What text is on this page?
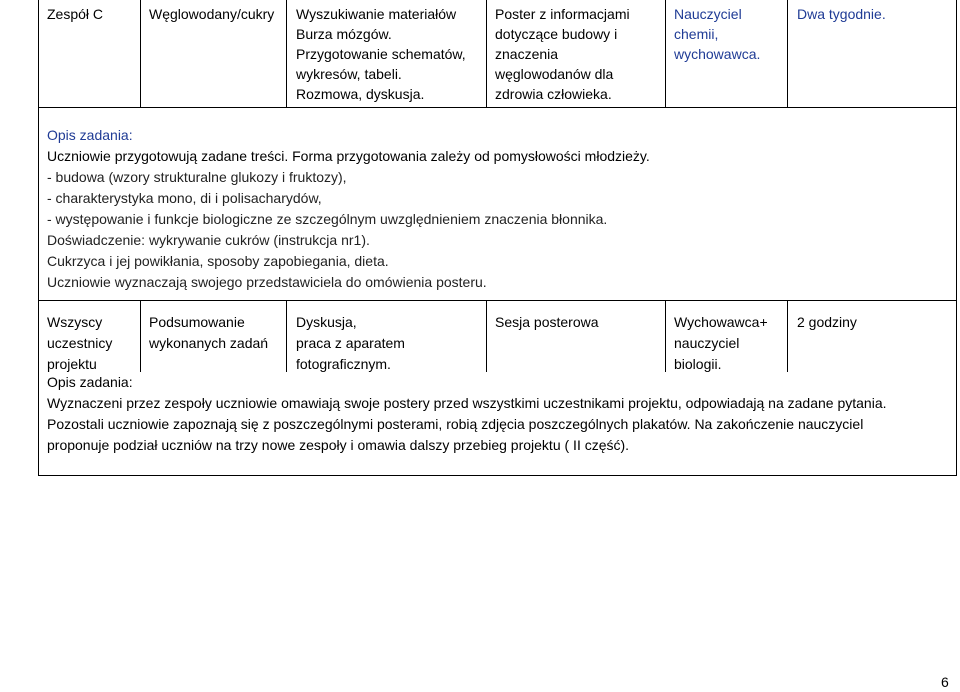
Zespół C	Węglowodany/cukry Wyszukiwanie materiałów
Burza mózgów.
Przygotowanie schematów,
wykresów, tabeli.
Rozmowa, dyskusja.
Poster z informacjami
dotyczące budowy i
znaczenia
węglowodanów dla
zdrowia człowieka.
Nauczyciel
chemii,
wychowawca.
Dwa tygodnie.
Opis zadania:
Uczniowie przygotowują zadane treści. Forma przygotowania zależy od pomysłowości młodzieży.
- budowa (wzory strukturalne glukozy i fruktozy),
- charakterystyka mono, di i polisacharydów,
- występowanie i funkcje biologiczne ze szczególnym uwzględnieniem znaczenia błonnika.
Doświadczenie: wykrywanie cukrów (instrukcja nr1).
Cukrzyca i jej powikłania, sposoby zapobiegania, dieta.
Uczniowie wyznaczają swojego przedstawiciela do omówienia posteru.
Wszyscy
uczestnicy
projektu
Podsumowanie
wykonanych zadań
Dyskusja,
praca z aparatem
fotograficznym.
Sesja posterowa	Wychowawca+
nauczyciel
biologii.
2 godziny
Opis zadania:
Wyznaczeni przez zespoły uczniowie omawiają swoje postery przed wszystkimi uczestnikami projektu, odpowiadają na zadane pytania.
Pozostali uczniowie zapoznają się z poszczególnymi posterami, robią zdjęcia poszczególnych plakatów. Na zakończenie nauczyciel
proponuje podział uczniów na trzy nowe zespoły i omawia dalszy przebieg projektu ( II część).
6
